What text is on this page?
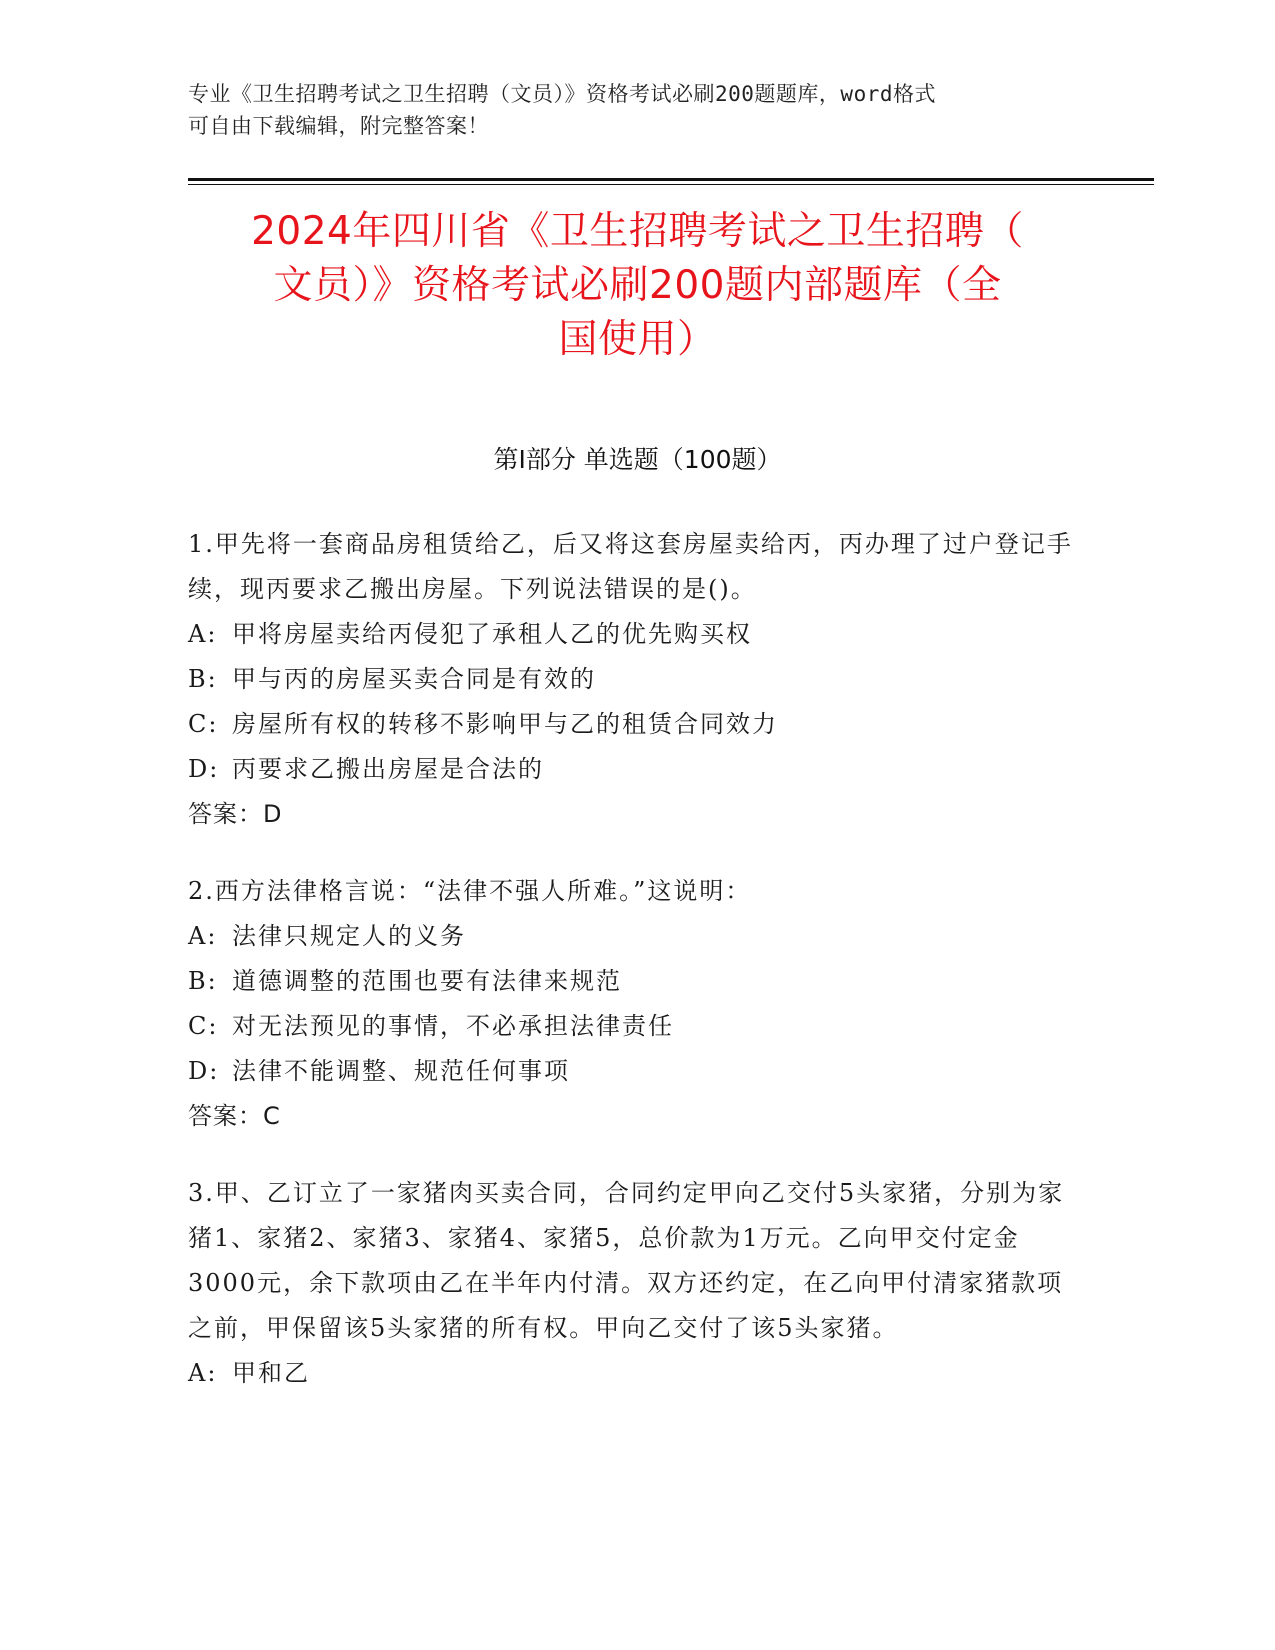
专业《卫生招聘考试之卫生招聘（文员）》资格考试必刷200题题库，word格式
可自由下载编辑，附完整答案！
2024年四川省《卫生招聘考试之卫生招聘（
文员）》资格考试必刷200题内部题库（全
国使用）
第I部分 单选题（100题）
1.甲先将一套商品房租赁给乙，后又将这套房屋卖给丙，丙办理了过户登记手续，现丙要求乙搬出房屋。下列说法错误的是()。
A: 甲将房屋卖给丙侵犯了承租人乙的优先购买权
B: 甲与丙的房屋买卖合同是有效的
C: 房屋所有权的转移不影响甲与乙的租赁合同效力
D: 丙要求乙搬出房屋是合法的
答案：D
2.西方法律格言说：“法律不强人所难。”这说明：
A: 法律只规定人的义务
B: 道德调整的范围也要有法律来规范
C: 对无法预见的事情，不必承担法律责任
D: 法律不能调整、规范任何事项
答案：C
3.甲、乙订立了一家猪肉买卖合同，合同约定甲向乙交付5头家猪，分别为家猪1、家猪2、家猪3、家猪4、家猪5，总价款为1万元。乙向甲交付定金3000元，余下款项由乙在半年内付清。双方还约定，在乙向甲付清家猪款项之前，甲保留该5头家猪的所有权。甲向乙交付了该5头家猪。
A: 甲和乙
